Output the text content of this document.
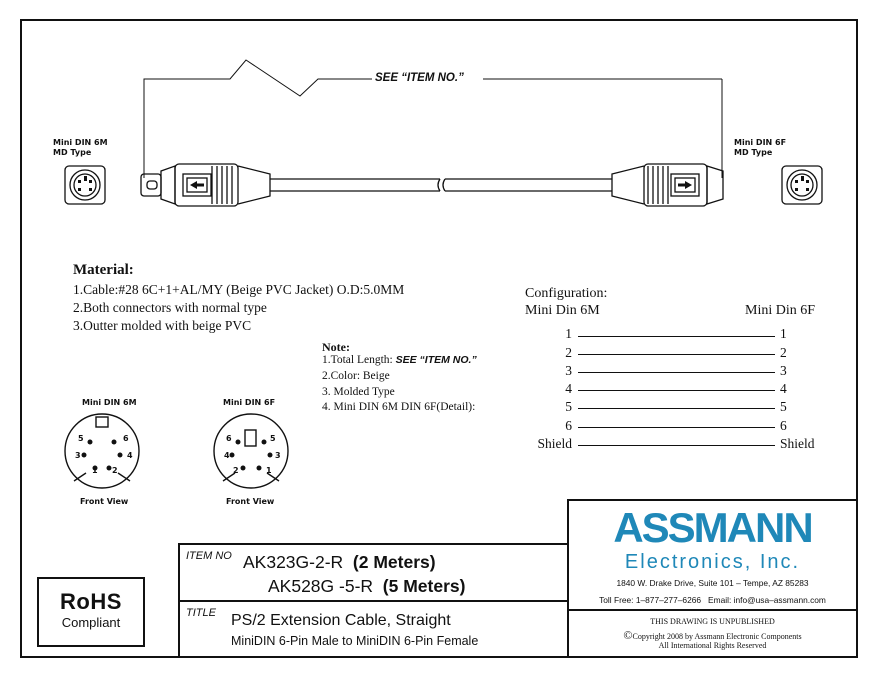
SEE “ITEM NO.”
Mini DIN 6M
MD Type
Mini DIN 6F
MD Type
Material:
1.Cable:#28 6C+1+AL/MY (Beige PVC Jacket) O.D:5.0MM
2.Both connectors with normal type
3.Outter molded with beige PVC
Note:
1.Total Length: SEE “ITEM NO.”
2.Color: Beige
3. Molded Type
4. Mini DIN 6M DIN 6F(Detail):
Mini DIN 6M	Mini DIN 6F
5	6
3	4
1 2
6	5
4	3
2	1
Front View	Front View
Configuration:
Mini Din 6M	Mini Din 6F
1	1
2	2
3	3
4	4
5	5
6	6
Shield	Shield
ASSMANN
Electronics, Inc.
1840 W. Drake Drive, Suite 101 – Tempe, AZ 85283
Toll Free: 1–877–277–6266   Email: info@usa–assmann.com
THIS DRAWING IS UNPUBLISHED
©Copyright 2008 by Assmann Electronic Components
All International Rights Reserved
ITEM NO AK323G-2-R (2 Meters)
AK528G -5-R (5 Meters)
TITLE PS/2 Extension Cable, Straight
MiniDIN 6-Pin Male to MiniDIN 6-Pin Female
RoHS
Compliant
